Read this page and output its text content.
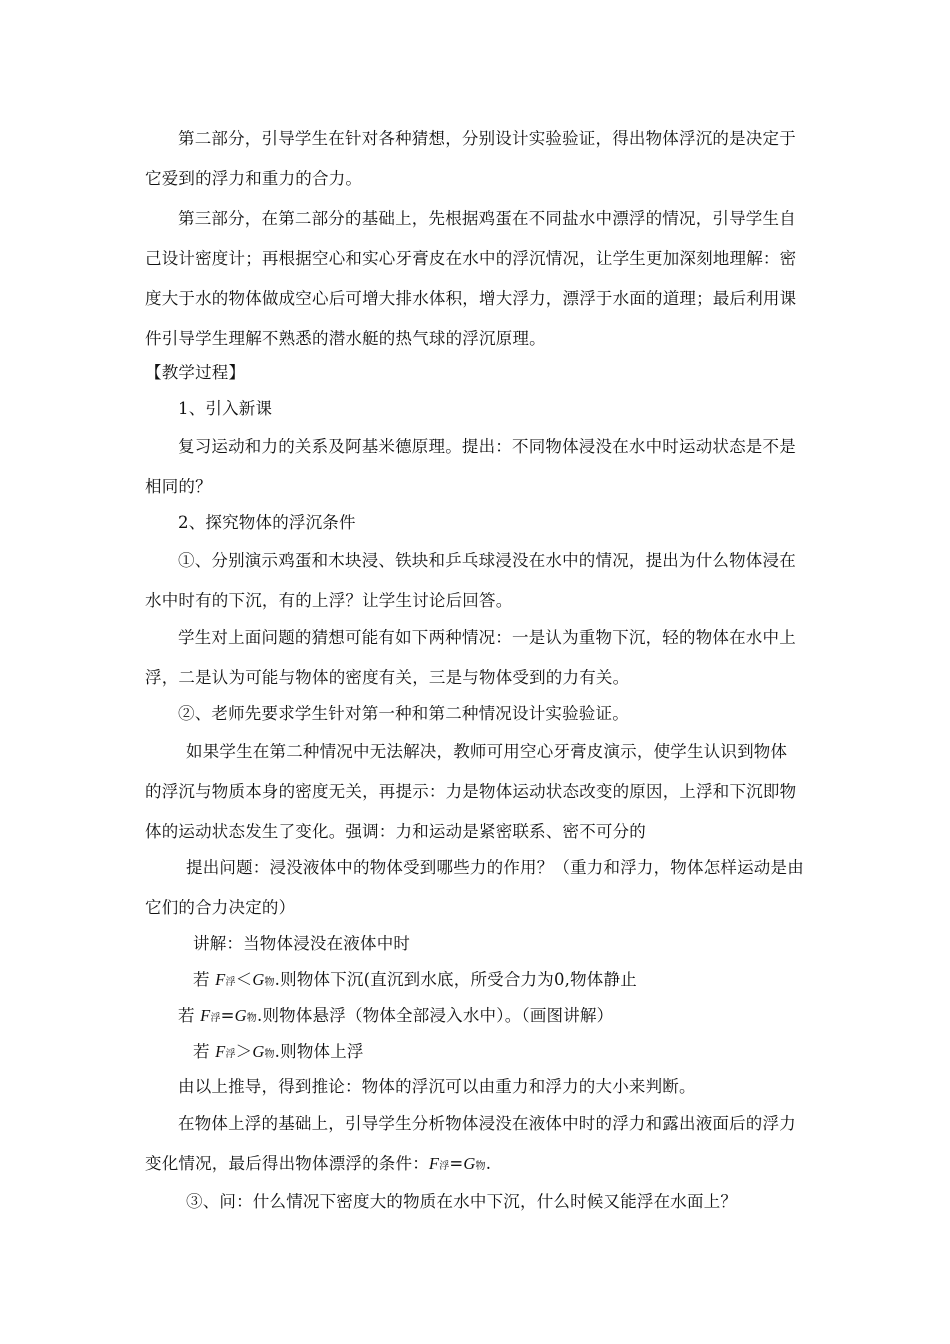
第二部分，引导学生在针对各种猜想，分别设计实验验证，得出物体浮沉的是决定于
它爱到的浮力和重力的合力。
第三部分，在第二部分的基础上，先根据鸡蛋在不同盐水中漂浮的情况，引导学生自
己设计密度计；再根据空心和实心牙膏皮在水中的浮沉情况，让学生更加深刻地理解：密
度大于水的物体做成空心后可增大排水体积，增大浮力，漂浮于水面的道理；最后利用课
件引导学生理解不熟悉的潜水艇的热气球的浮沉原理。
【教学过程】
1、引入新课
复习运动和力的关系及阿基米德原理。提出：不同物体浸没在水中时运动状态是不是
相同的？
2、探究物体的浮沉条件
①、分别演示鸡蛋和木块浸、铁块和乒乓球浸没在水中的情况，提出为什么物体浸在
水中时有的下沉，有的上浮？让学生讨论后回答。
学生对上面问题的猜想可能有如下两种情况：一是认为重物下沉，轻的物体在水中上
浮，二是认为可能与物体的密度有关，三是与物体受到的力有关。
②、老师先要求学生针对第一种和第二种情况设计实验验证。
如果学生在第二种情况中无法解决，教师可用空心牙膏皮演示，使学生认识到物体
的浮沉与物质本身的密度无关，再提示：力是物体运动状态改变的原因，上浮和下沉即物
体的运动状态发生了变化。强调：力和运动是紧密联系、密不可分的
提出问题：浸没液体中的物体受到哪些力的作用？（重力和浮力，物体怎样运动是由
它们的合力决定的）
讲解：当物体浸没在液体中时
若 F浮＜G物.则物体下沉(直沉到水底，所受合力为0,物体静止
若 F浮=G物.则物体悬浮（物体全部浸入水中）。（画图讲解）
若 F浮＞G物.则物体上浮
由以上推导，得到推论：物体的浮沉可以由重力和浮力的大小来判断。
在物体上浮的基础上，引导学生分析物体浸没在液体中时的浮力和露出液面后的浮力
变化情况，最后得出物体漂浮的条件：F浮=G物.
③、问：什么情况下密度大的物质在水中下沉，什么时候又能浮在水面上？
